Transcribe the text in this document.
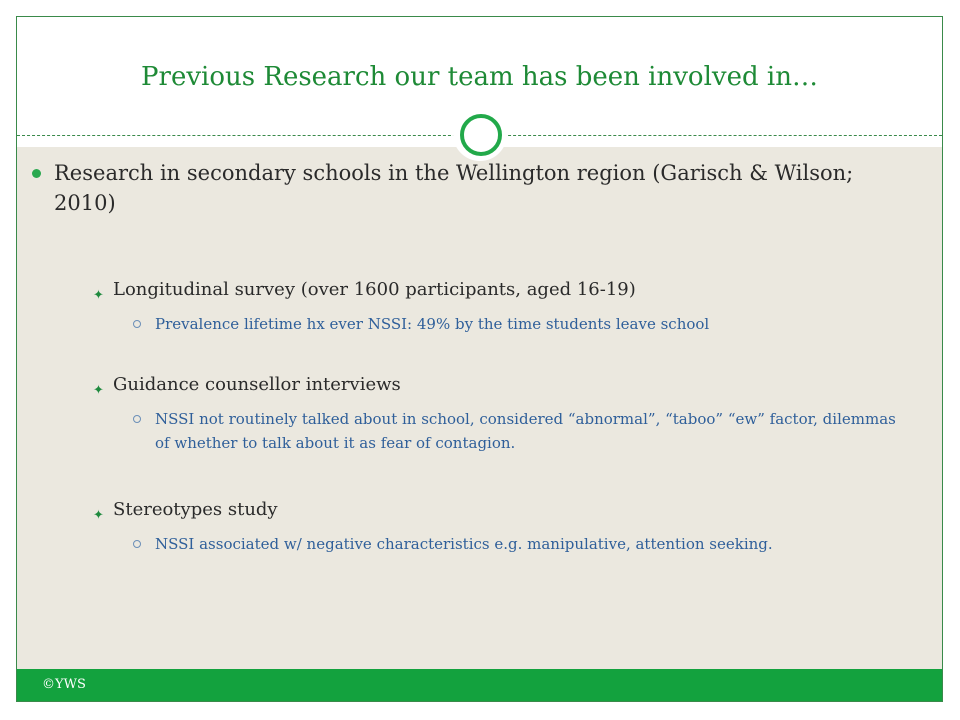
Previous Research our team has been involved in…
©YWS
Research in secondary schools in the Wellington region (Garisch & Wilson; 2010)
✦ Longitudinal survey (over 1600 participants, aged 16-19)
Prevalence lifetime hx ever NSSI: 49% by the time students leave school
✦ Guidance counsellor interviews
NSSI not routinely talked about in school, considered “abnormal”, “taboo” “ew” factor, dilemmas of whether to talk about it as fear of contagion.
✦ Stereotypes study
NSSI associated w/ negative characteristics e.g. manipulative, attention seeking.
